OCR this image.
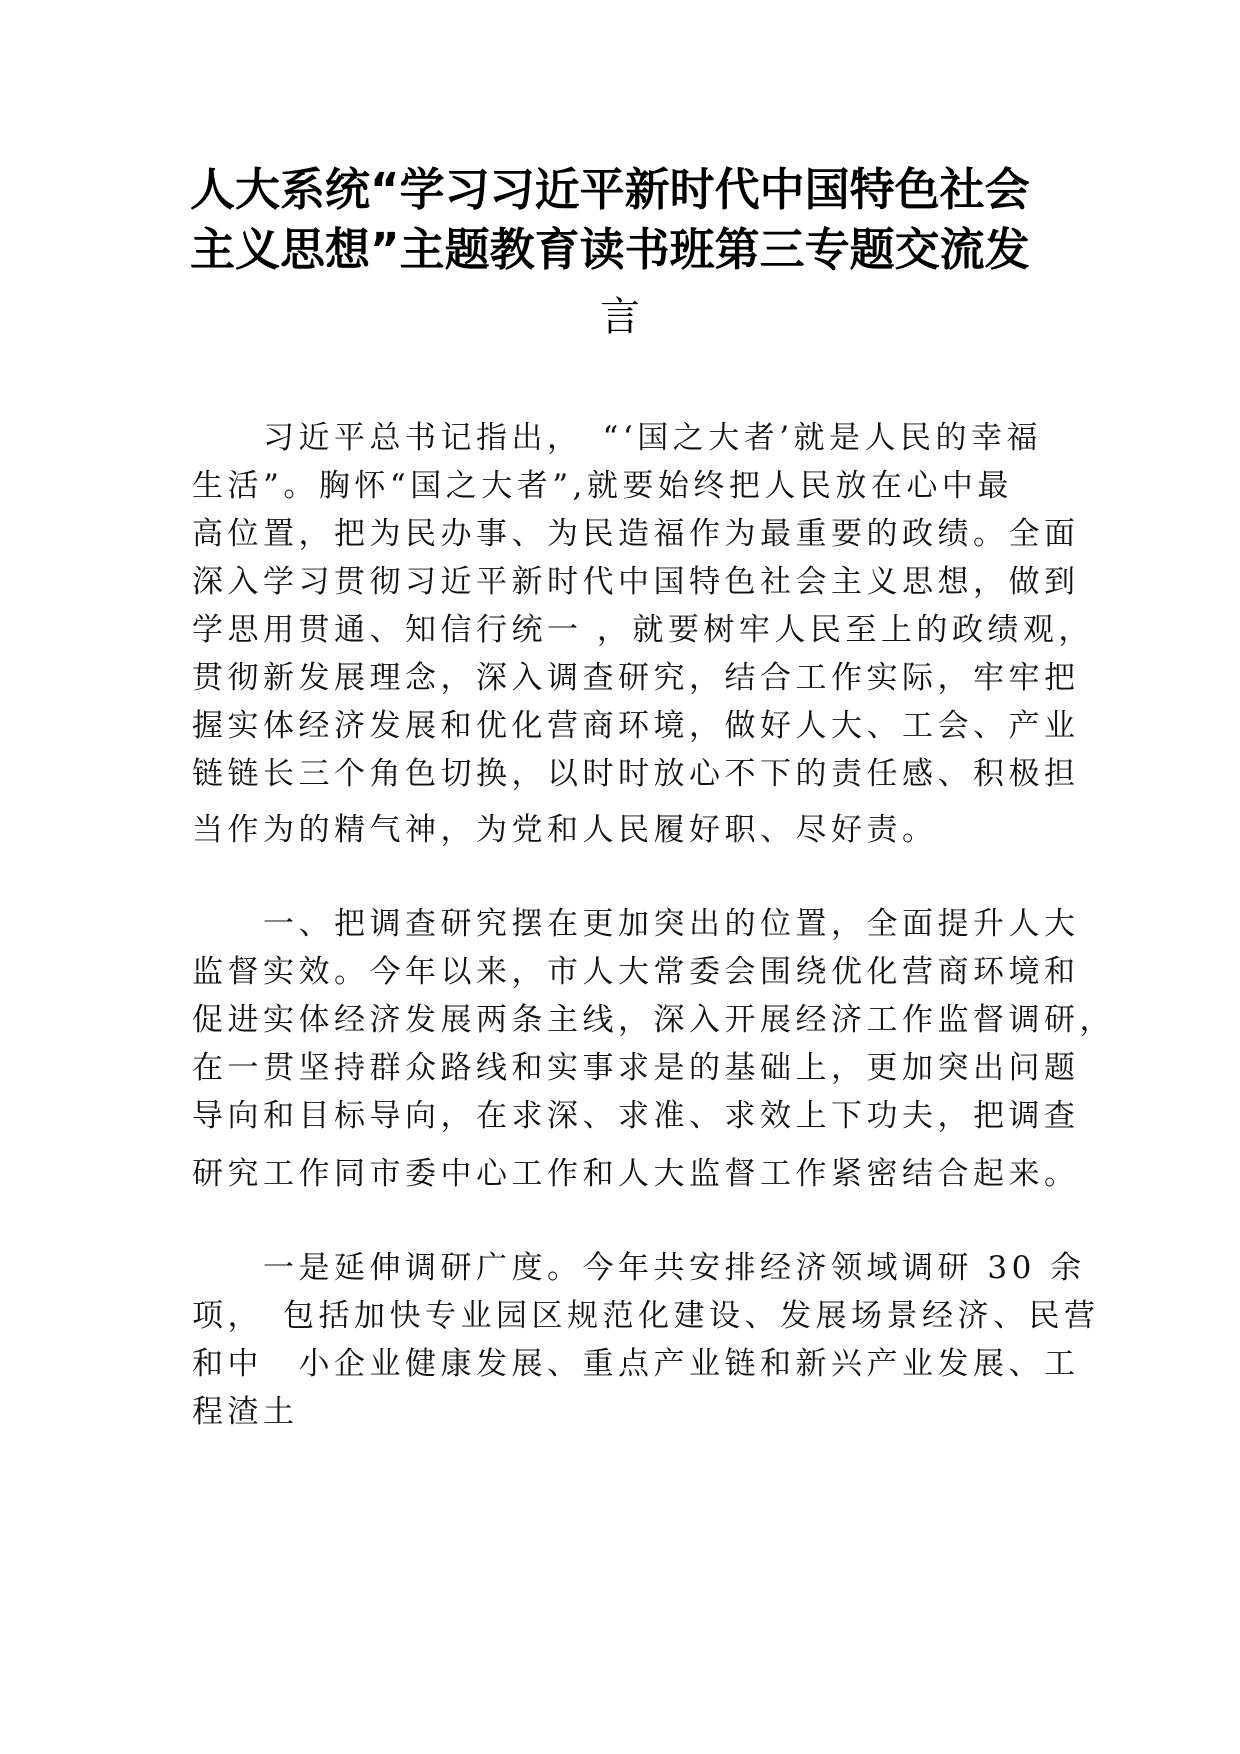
人大系统“学习习近平新时代中国特色社会
主义思想”主题教育读书班第三专题交流发
言
　　习近平总书记指出，　“‘国之大者’就是人民的幸福
生活”。胸怀“国之大者”,就要始终把人民放在心中最
高位置，把为民办事、为民造福作为最重要的政绩。全面
深入学习贯彻习近平新时代中国特色社会主义思想，做到
学思用贯通、知信行统一 ，就要树牢人民至上的政绩观，
贯彻新发展理念，深入调查研究，结合工作实际，牢牢把
握实体经济发展和优化营商环境，做好人大、工会、产业
链链长三个角色切换，以时时放心不下的责任感、积极担
当作为的精气神，为党和人民履好职、尽好责。
　　一、把调查研究摆在更加突出的位置，全面提升人大
监督实效。今年以来，市人大常委会围绕优化营商环境和
促进实体经济发展两条主线，深入开展经济工作监督调研，
在一贯坚持群众路线和实事求是的基础上，更加突出问题
导向和目标导向，在求深、求准、求效上下功夫，把调查
研究工作同市委中心工作和人大监督工作紧密结合起来。
　　一是延伸调研广度。今年共安排经济领域调研 30 余
项，　包括加快专业园区规范化建设、发展场景经济、民营
和中　小企业健康发展、重点产业链和新兴产业发展、工
程渣土
